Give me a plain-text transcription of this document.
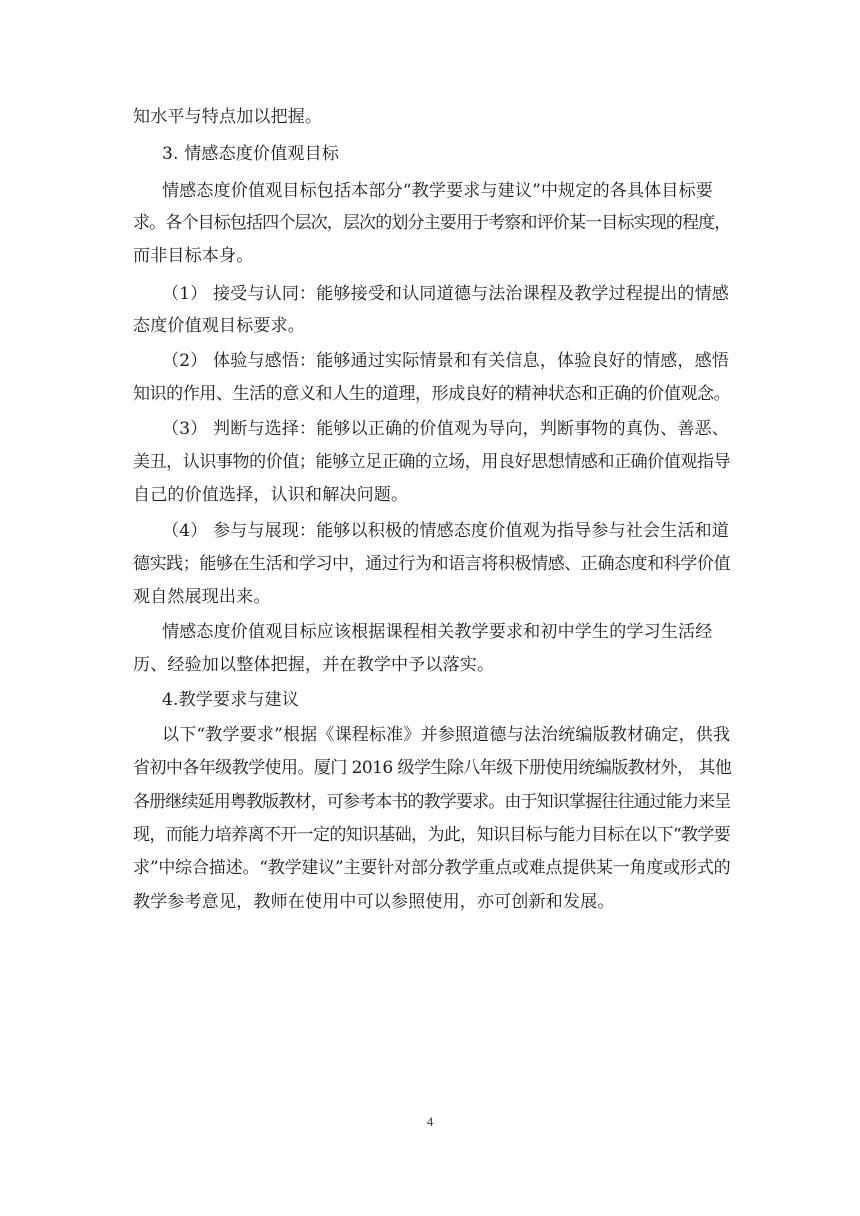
知水平与特点加以把握。
3. 情感态度价值观目标
情感态度价值观目标包括本部分“教学要求与建议”中规定的各具体目标要
求。各个目标包括四个层次，层次的划分主要用于考察和评价某一目标实现的程度，
而非目标本身。
（1） 接受与认同：能够接受和认同道德与法治课程及教学过程提出的情感
态度价值观目标要求。
（2） 体验与感悟：能够通过实际情景和有关信息，体验良好的情感，感悟
知识的作用、生活的意义和人生的道理，形成良好的精神状态和正确的价值观念。
（3） 判断与选择：能够以正确的价值观为导向，判断事物的真伪、善恶、
美丑，认识事物的价值；能够立足正确的立场，用良好思想情感和正确价值观指导
自己的价值选择，认识和解决问题。
（4） 参与与展现：能够以积极的情感态度价值观为指导参与社会生活和道
德实践；能够在生活和学习中，通过行为和语言将积极情感、正确态度和科学价值
观自然展现出来。
情感态度价值观目标应该根据课程相关教学要求和初中学生的学习生活经
历、经验加以整体把握，并在教学中予以落实。
4.教学要求与建议
以下“教学要求”根据《课程标准》并参照道德与法治统编版教材确定，供我
省初中各年级教学使用。厦门 2016 级学生除八年级下册使用统编版教材外， 其他
各册继续延用粤教版教材，可参考本书的教学要求。由于知识掌握往往通过能力来呈
现，而能力培养离不开一定的知识基础，为此，知识目标与能力目标在以下“教学要
求”中综合描述。“教学建议”主要针对部分教学重点或难点提供某一角度或形式的
教学参考意见，教师在使用中可以参照使用，亦可创新和发展。
4
